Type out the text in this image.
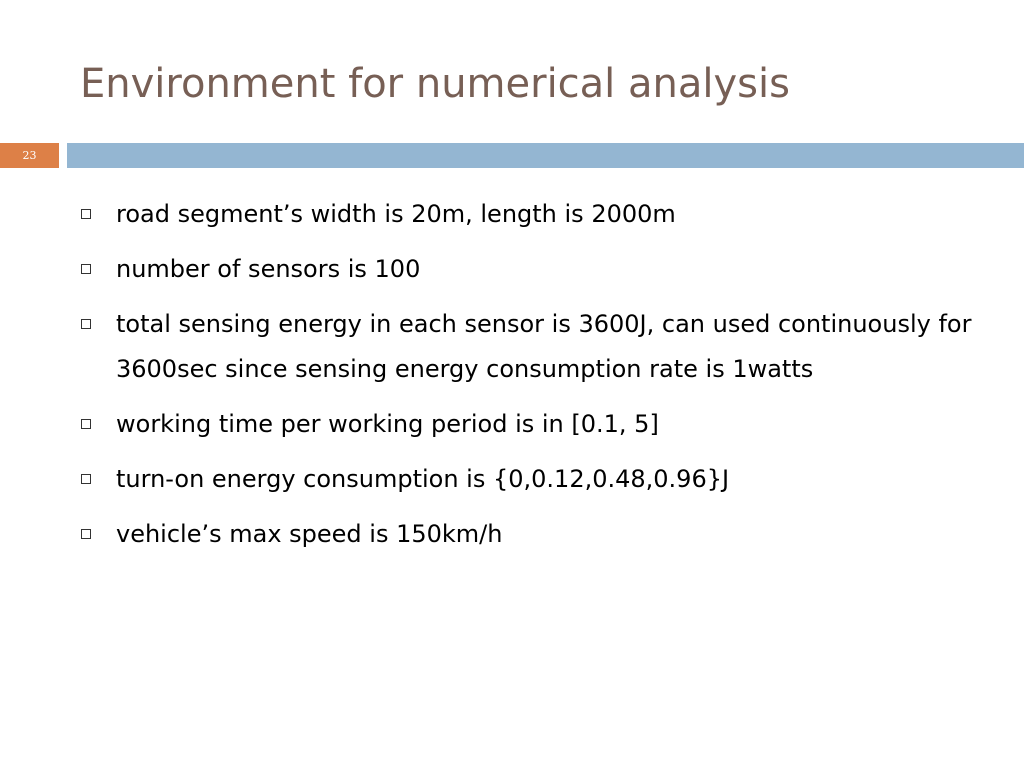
Environment for numerical analysis
23
road segment’s width is 20m, length is 2000m
number of sensors is 100
total sensing energy in each sensor is 3600J, can used continuously for 3600sec since sensing energy consumption rate is 1watts
working time per working period is in [0.1, 5]
turn-on energy consumption is {0,0.12,0.48,0.96}J
vehicle’s max speed is 150km/h
